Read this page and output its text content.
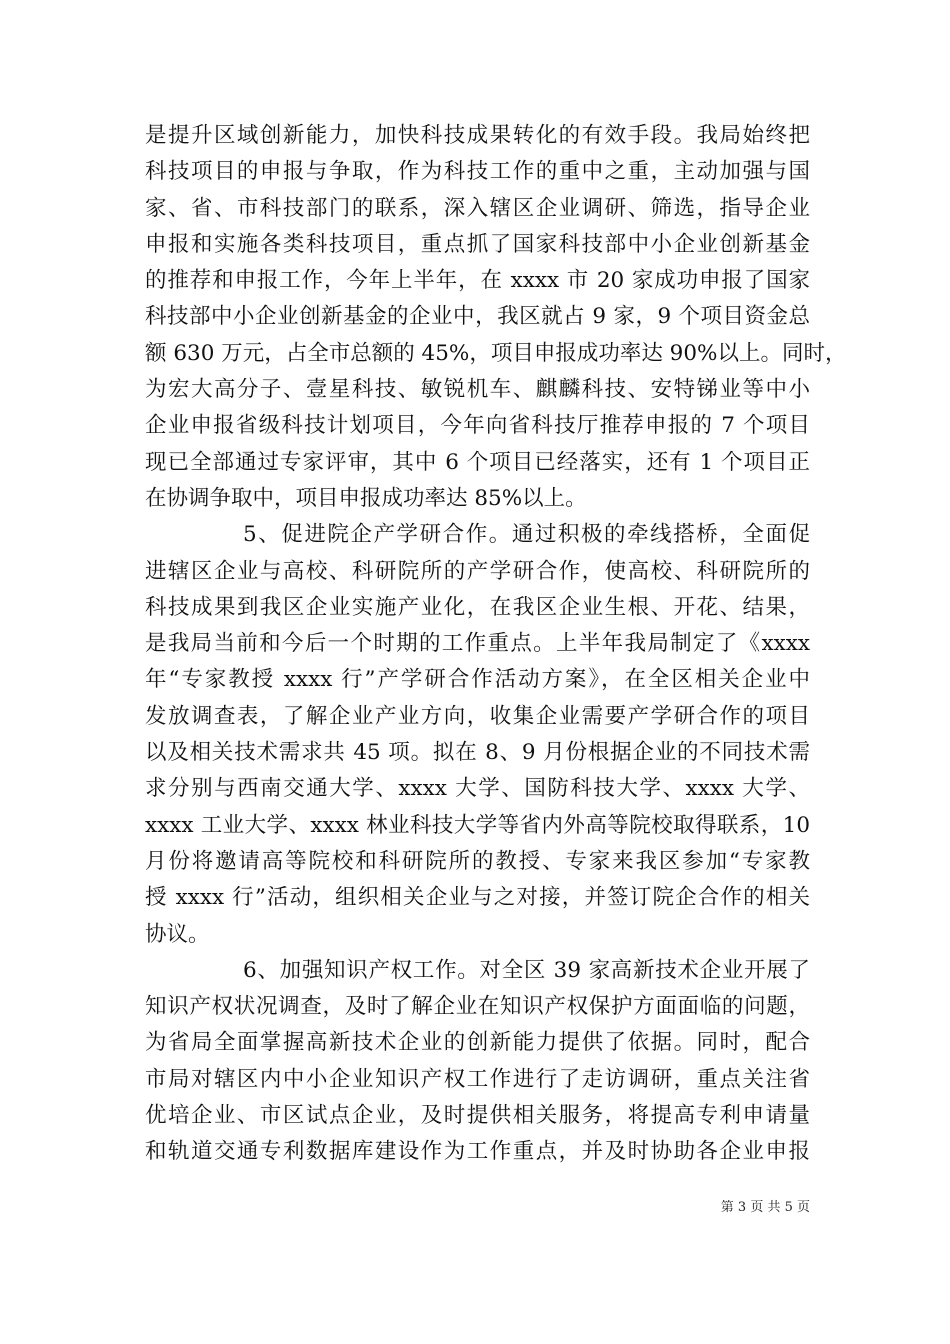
是提升区域创新能力，加快科技成果转化的有效手段。我局始终把
科技项目的申报与争取，作为科技工作的重中之重，主动加强与国
家、省、市科技部门的联系，深入辖区企业调研、筛选，指导企业
申报和实施各类科技项目，重点抓了国家科技部中小企业创新基金
的推荐和申报工作，今年上半年，在 xxxx 市 20 家成功申报了国家
科技部中小企业创新基金的企业中，我区就占 9 家，9 个项目资金总
额 630 万元，占全市总额的 45%，项目申报成功率达 90%以上。同时，
为宏大高分子、壹星科技、敏锐机车、麒麟科技、安特锑业等中小
企业申报省级科技计划项目，今年向省科技厅推荐申报的 7 个项目
现已全部通过专家评审，其中 6 个项目已经落实，还有 1 个项目正
在协调争取中，项目申报成功率达 85%以上。
5、促进院企产学研合作。通过积极的牵线搭桥，全面促
进辖区企业与高校、科研院所的产学研合作，使高校、科研院所的
科技成果到我区企业实施产业化，在我区企业生根、开花、结果，
是我局当前和今后一个时期的工作重点。上半年我局制定了《xxxx
年“专家教授 xxxx 行”产学研合作活动方案》，在全区相关企业中
发放调查表，了解企业产业方向，收集企业需要产学研合作的项目
以及相关技术需求共 45 项。拟在 8、9 月份根据企业的不同技术需
求分别与西南交通大学、xxxx 大学、国防科技大学、xxxx 大学、
xxxx 工业大学、xxxx 林业科技大学等省内外高等院校取得联系，10
月份将邀请高等院校和科研院所的教授、专家来我区参加“专家教
授 xxxx 行”活动，组织相关企业与之对接，并签订院企合作的相关
协议。
6、加强知识产权工作。对全区 39 家高新技术企业开展了
知识产权状况调查，及时了解企业在知识产权保护方面面临的问题，
为省局全面掌握高新技术企业的创新能力提供了依据。同时，配合
市局对辖区内中小企业知识产权工作进行了走访调研，重点关注省
优培企业、市区试点企业，及时提供相关服务，将提高专利申请量
和轨道交通专利数据库建设作为工作重点，并及时协助各企业申报
第 3 页 共 5 页
